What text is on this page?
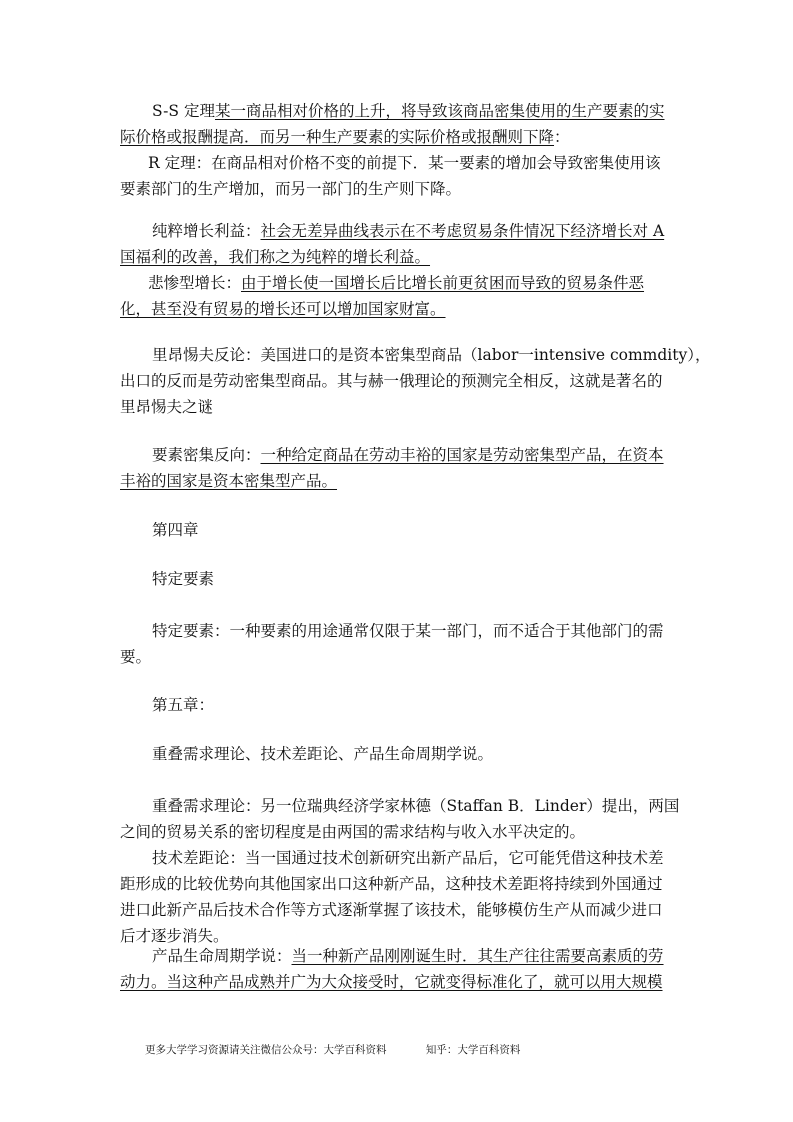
S-S 定理某一商品相对价格的上升，将导致该商品密集使用的生产要素的实
际价格或报酬提高．而另一种生产要素的实际价格或报酬则下降：
R 定理：在商品相对价格不变的前提下．某一要素的增加会导致密集使用该
要素部门的生产增加，而另一部门的生产则下降。
纯粹增长利益：社会无差异曲线表示在不考虑贸易条件情况下经济增长对 A
国福利的改善，我们称之为纯粹的增长利益。
悲惨型增长：由于增长使一国增长后比增长前更贫困而导致的贸易条件恶
化，甚至没有贸易的增长还可以增加国家财富。
里昂惕夫反论：美国进口的是资本密集型商品（labor一intensive commdity），
出口的反而是劳动密集型商品。其与赫一俄理论的预测完全相反，这就是著名的
里昂惕夫之谜
要素密集反向：一种给定商品在劳动丰裕的国家是劳动密集型产品，在资本
丰裕的国家是资本密集型产品。
第四章
特定要素
特定要素：一种要素的用途通常仅限于某一部门，而不适合于其他部门的需
要。
第五章：
重叠需求理论、技术差距论、产品生命周期学说。
重叠需求理论：另一位瑞典经济学家林德（Staffan B．Linder）提出，两国
之间的贸易关系的密切程度是由两国的需求结构与收入水平决定的。
技术差距论：当一国通过技术创新研究出新产品后，它可能凭借这种技术差
距形成的比较优势向其他国家出口这种新产品，这种技术差距将持续到外国通过
进口此新产品后技术合作等方式逐渐掌握了该技术，能够模仿生产从而减少进口
后才逐步消失。
产品生命周期学说：当一种新产品刚刚诞生时．其生产往往需要高素质的劳
动力。当这种产品成熟并广为大众接受时，它就变得标准化了，就可以用大规模
更多大学学习资源请关注微信公众号：大学百科资料	知乎：大学百科资料
